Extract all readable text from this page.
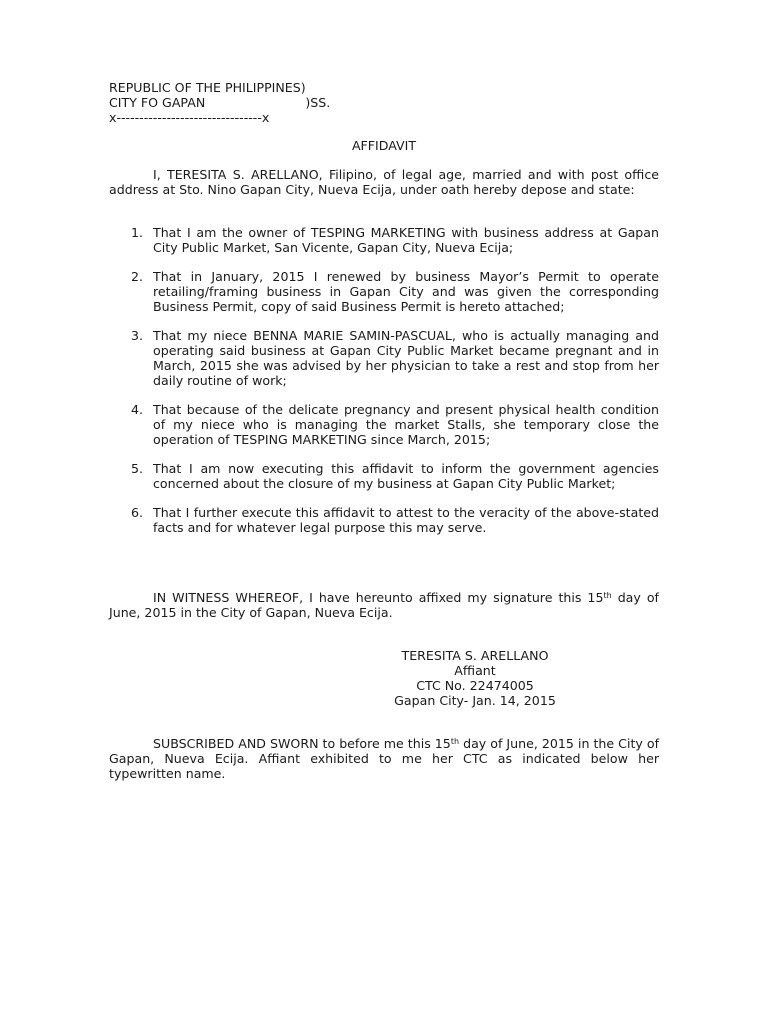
REPUBLIC OF THE PHILIPPINES)
CITY FO GAPAN                         )SS.
x--------------------------------x
AFFIDAVIT
I, TERESITA S. ARELLANO, Filipino, of legal age, married and with post office address at Sto. Nino Gapan City, Nueva Ecija, under oath hereby depose and state:
1. That I am the owner of TESPING MARKETING with business address at Gapan City Public Market, San Vicente, Gapan City, Nueva Ecija;
2. That in January, 2015 I renewed by business Mayor’s Permit to operate retailing/framing business in Gapan City and was given the corresponding Business Permit, copy of said Business Permit is hereto attached;
3. That my niece BENNA MARIE SAMIN-PASCUAL, who is actually managing and operating said business at Gapan City Public Market became pregnant and in March, 2015 she was advised by her physician to take a rest and stop from her daily routine of work;
4. That because of the delicate pregnancy and present physical health condition of my niece who is managing the market Stalls, she temporary close the operation of TESPING MARKETING since March, 2015;
5. That I am now executing this affidavit to inform the government agencies concerned about the closure of my business at Gapan City Public Market;
6. That I further execute this affidavit to attest to the veracity of the above-stated facts and for whatever legal purpose this may serve.
IN WITNESS WHEREOF, I have hereunto affixed my signature this 15th day of June, 2015 in the City of Gapan, Nueva Ecija.
TERESITA S. ARELLANO
Affiant
CTC No. 22474005
Gapan City- Jan. 14, 2015
SUBSCRIBED AND SWORN to before me this 15th day of June, 2015 in the City of Gapan, Nueva Ecija. Affiant exhibited to me her CTC as indicated below her typewritten name.
